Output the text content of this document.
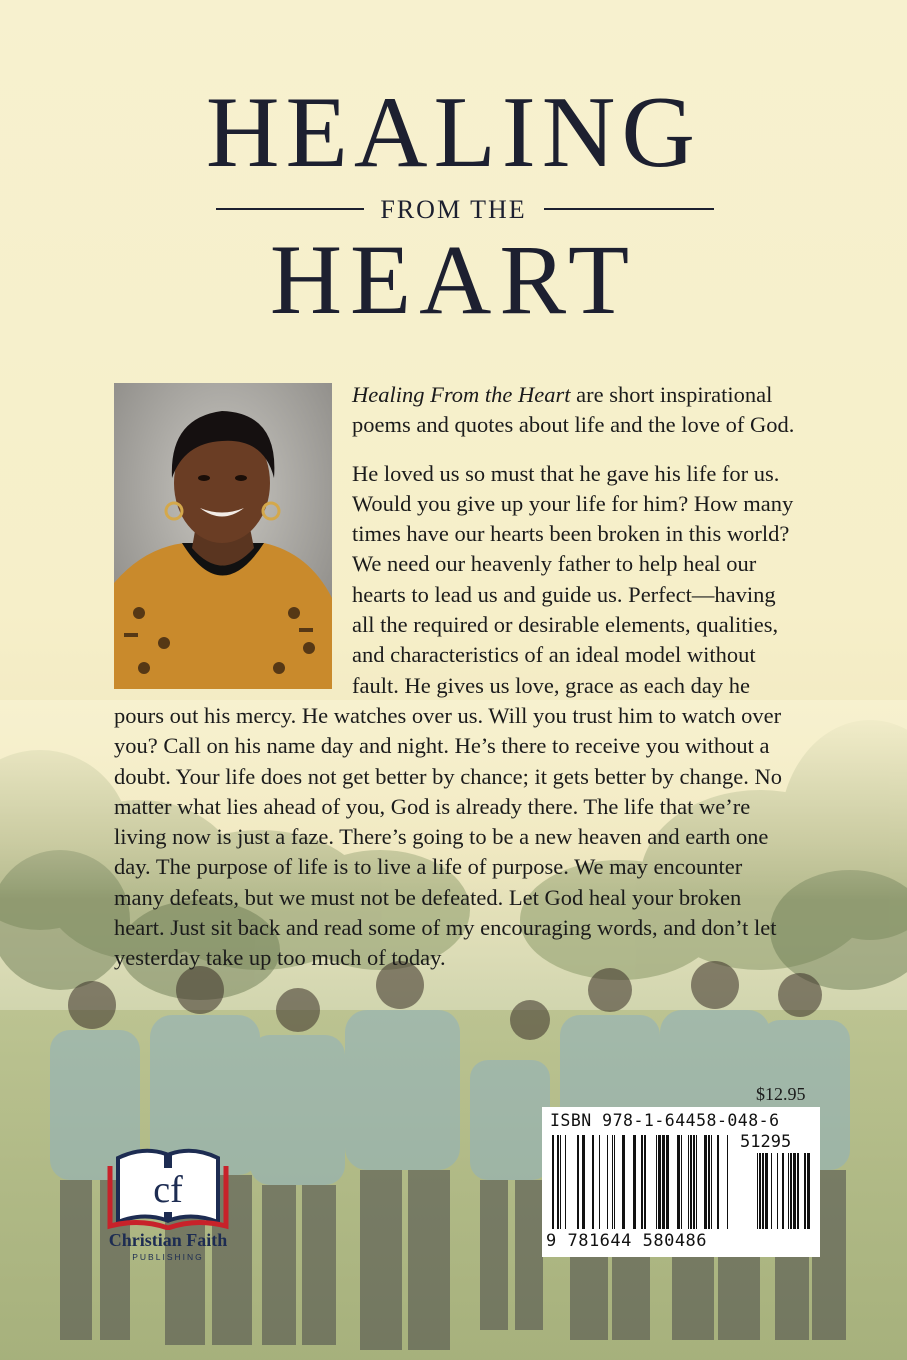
HEALING
FROM THE
HEART

Healing From the Heart are short inspirational poems and quotes about life and the love of God.

He loved us so must that he gave his life for us. Would you give up your life for him? How many times have our hearts been broken in this world? We need our heavenly father to help heal our hearts to lead us and guide us. Perfect—having all the required or desirable elements, qualities, and characteristics of an ideal model without fault. He gives us love, grace as each day he pours out his mercy. He watches over us. Will you trust him to watch over you? Call on his name day and night. He’s there to receive you without a doubt. Your life does not get better by chance; it gets better by change. No matter what lies ahead of you, God is already there. The life that we’re living now is just a faze. There’s going to be a new heaven and earth one day. The purpose of life is to live a life of purpose. We may encounter many defeats, but we must not be defeated. Let God heal your broken heart. Just sit back and read some of my encouraging words, and don’t let yesterday take up too much of today.

$12.95
ISBN 978-1-64458-048-6
51295
9 781644 580486
cf
Christian Faith
PUBLISHING
